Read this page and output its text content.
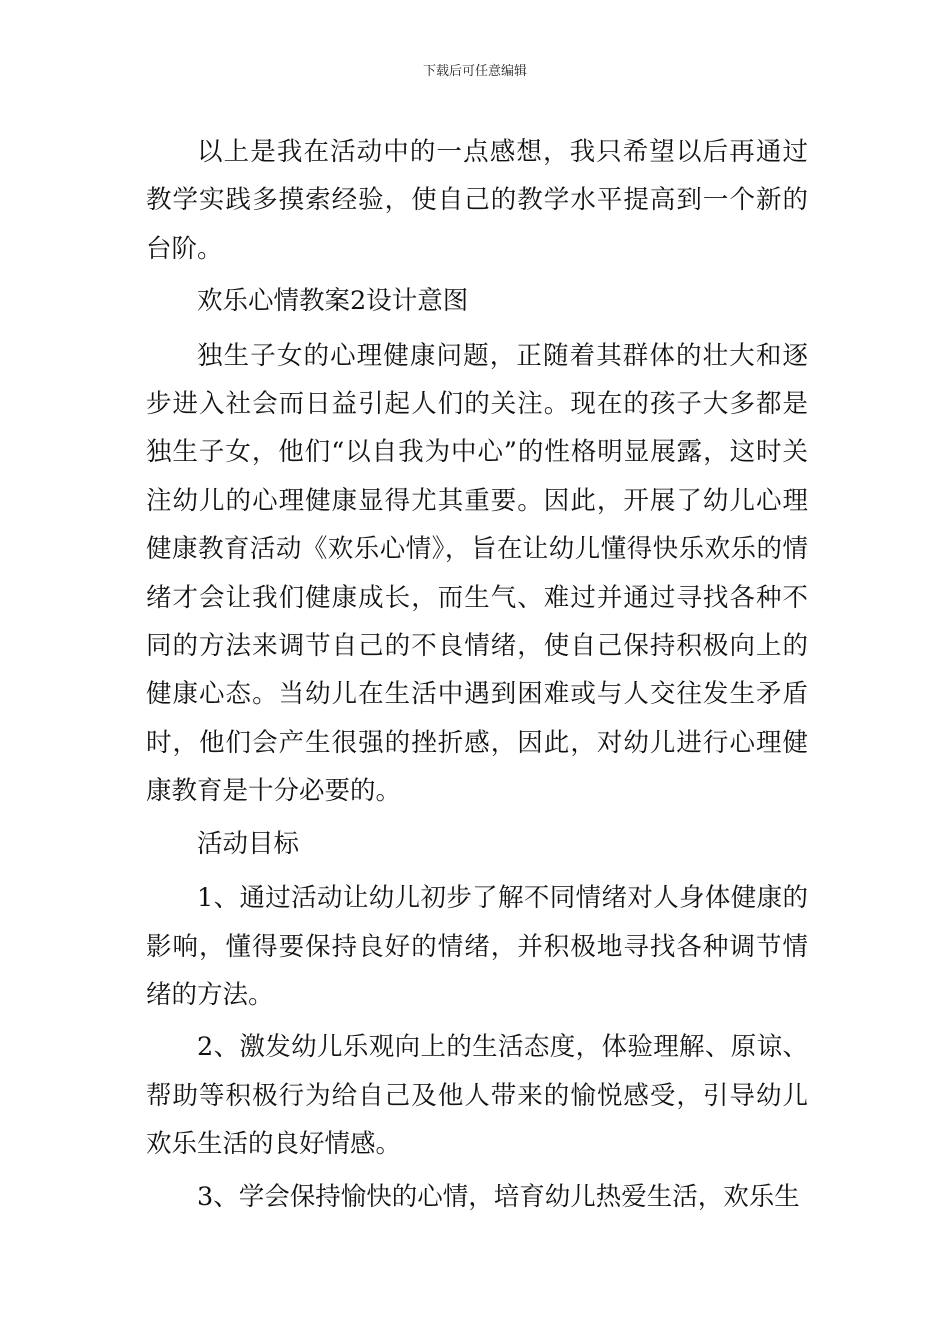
下载后可任意编辑

以上是我在活动中的一点感想，我只希望以后再通过教学实践多摸索经验，使自己的教学水平提高到一个新的台阶。

欢乐心情教案2设计意图

独生子女的心理健康问题，正随着其群体的壮大和逐步进入社会而日益引起人们的关注。现在的孩子大多都是独生子女，他们“以自我为中心”的性格明显展露，这时关注幼儿的心理健康显得尤其重要。因此，开展了幼儿心理健康教育活动《欢乐心情》，旨在让幼儿懂得快乐欢乐的情绪才会让我们健康成长，而生气、难过并通过寻找各种不同的方法来调节自己的不良情绪，使自己保持积极向上的健康心态。当幼儿在生活中遇到困难或与人交往发生矛盾时，他们会产生很强的挫折感，因此，对幼儿进行心理健康教育是十分必要的。

活动目标

1、通过活动让幼儿初步了解不同情绪对人身体健康的影响，懂得要保持良好的情绪，并积极地寻找各种调节情绪的方法。

2、激发幼儿乐观向上的生活态度，体验理解、原谅、帮助等积极行为给自己及他人带来的愉悦感受，引导幼儿欢乐生活的良好情感。

3、学会保持愉快的心情，培育幼儿热爱生活，欢乐生
